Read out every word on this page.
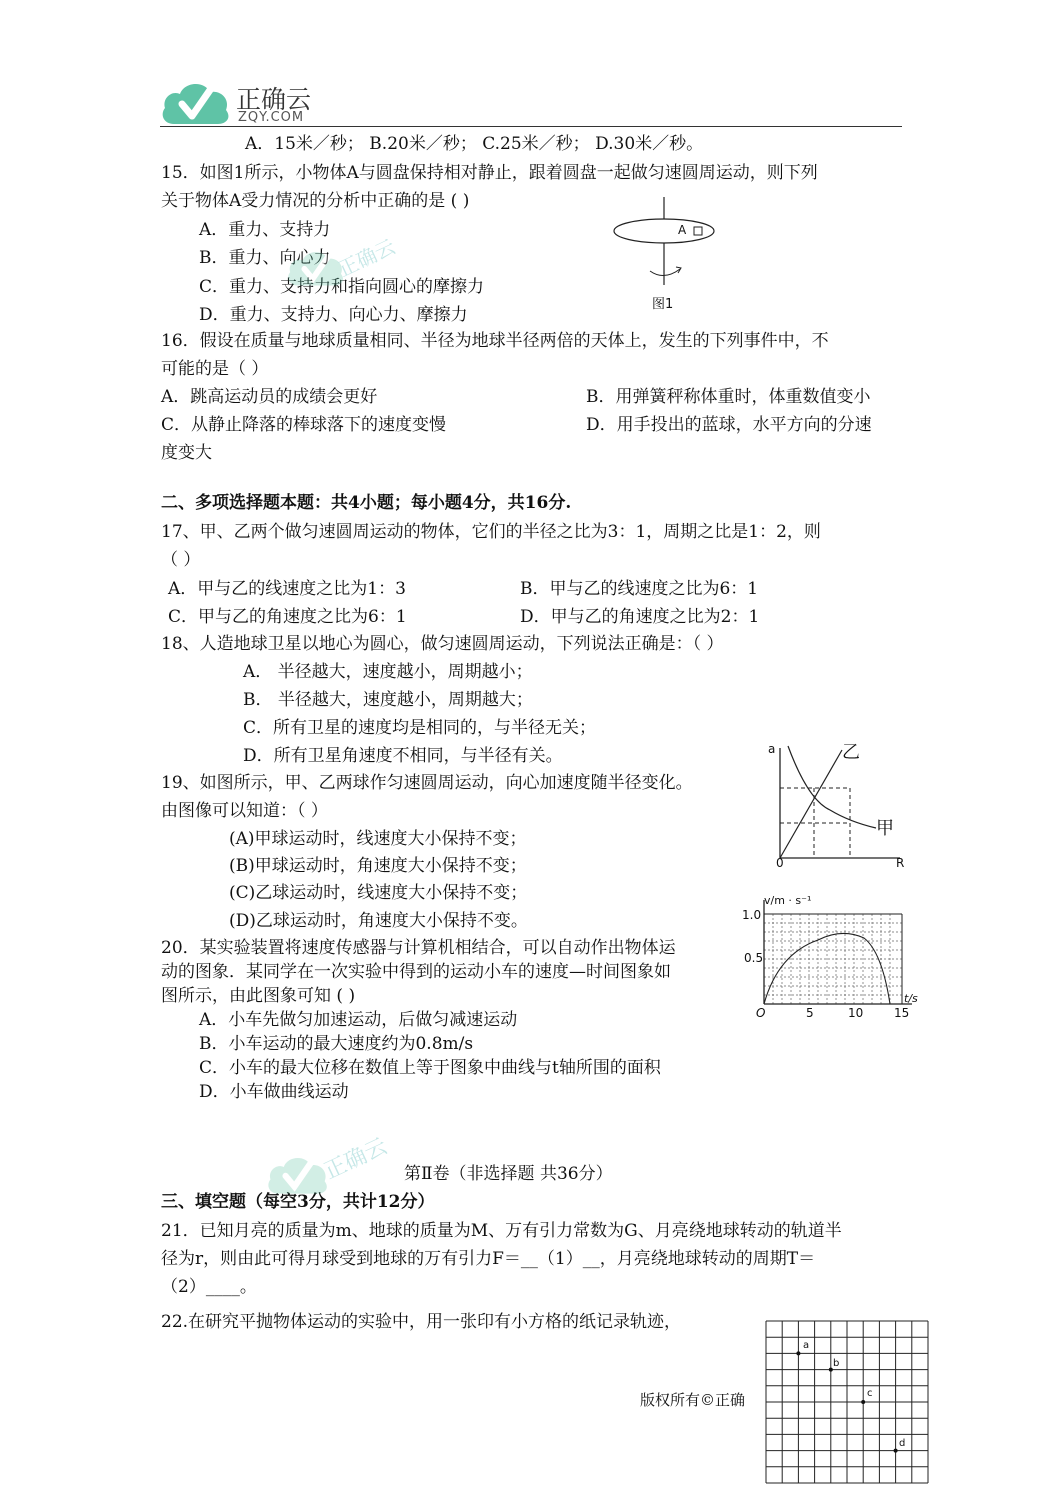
正确云
ZQY.COM
A．15米／秒； B.20米／秒； C.25米／秒； D.30米／秒。
15．如图1所示，小物体A与圆盘保持相对静止，跟着圆盘一起做匀速圆周运动，则下列
关于物体A受力情况的分析中正确的是 ( )
A．重力、支持力
B．重力、向心力
C．重力、支持力和指向圆心的摩擦力
D．重力、支持力、向心力、摩擦力
A
图1
16．假设在质量与地球质量相同、半径为地球半径两倍的天体上，发生的下列事件中，不
可能的是（ ）
A．跳高运动员的成绩会更好	B．用弹簧秤称体重时，体重数值变小
C．从静止降落的棒球落下的速度变慢	D．用手投出的蓝球，水平方向的分速
度变大
二、多项选择题本题：共4小题；每小题4分，共16分.
17、甲、乙两个做匀速圆周运动的物体，它们的半径之比为3：1，周期之比是1：2，则
（ ）
A．甲与乙的线速度之比为1：3	B．甲与乙的线速度之比为6：1
C．甲与乙的角速度之比为6：1	D．甲与乙的角速度之比为2：1
18、人造地球卫星以地心为圆心，做匀速圆周运动，下列说法正确是：（ ）
A． 半径越大，速度越小，周期越小；
B． 半径越大，速度越小，周期越大；
C．所有卫星的速度均是相同的，与半径无关；
D．所有卫星角速度不相同，与半径有关。
19、如图所示，甲、乙两球作匀速圆周运动，向心加速度随半径变化。
由图像可以知道：（ ）
(A)甲球运动时，线速度大小保持不变；
(B)甲球运动时，角速度大小保持不变；
(C)乙球运动时，线速度大小保持不变；
(D)乙球运动时，角速度大小保持不变。
a
R
0
乙
甲
v/m · s⁻¹
1.0
0.5
t/s
O	5	10	15
20．某实验装置将速度传感器与计算机相结合，可以自动作出物体运
动的图象．某同学在一次实验中得到的运动小车的速度—时间图象如
图所示，由此图象可知 ( )
A．小车先做匀加速运动，后做匀减速运动
B．小车运动的最大速度约为0.8m/s
C．小车的最大位移在数值上等于图象中曲线与t轴所围的面积
D．小车做曲线运动
第Ⅱ卷（非选择题 共36分）
三、填空题（每空3分，共计12分）
21．已知月亮的质量为m、地球的质量为M、万有引力常数为G、月亮绕地球转动的轨道半
径为r，则由此可得月球受到地球的万有引力F＝__（1）__，月亮绕地球转动的周期T＝
（2）____。
22.在研究平抛物体运动的实验中，用一张印有小方格的纸记录轨迹，
a
b
c
d
版权所有©正确
正确云
正确云
